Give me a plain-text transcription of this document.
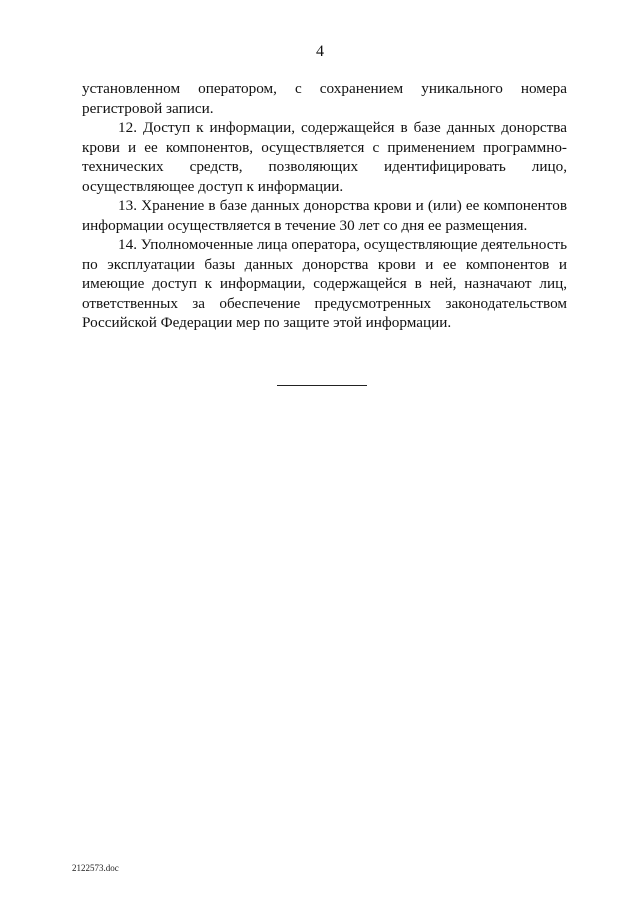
4

установленном оператором, с сохранением уникального номера регистровой записи.

12. Доступ к информации, содержащейся в базе данных донорства крови и ее компонентов, осуществляется с применением программно-технических средств, позволяющих идентифицировать лицо, осуществляющее доступ к информации.

13. Хранение в базе данных донорства крови и (или) ее компонентов информации осуществляется в течение 30 лет со дня ее размещения.

14. Уполномоченные лица оператора, осуществляющие деятельность по эксплуатации базы данных донорства крови и ее компонентов и имеющие доступ к информации, содержащейся в ней, назначают лиц, ответственных за обеспечение предусмотренных законодательством Российской Федерации мер по защите этой информации.

2122573.doc
